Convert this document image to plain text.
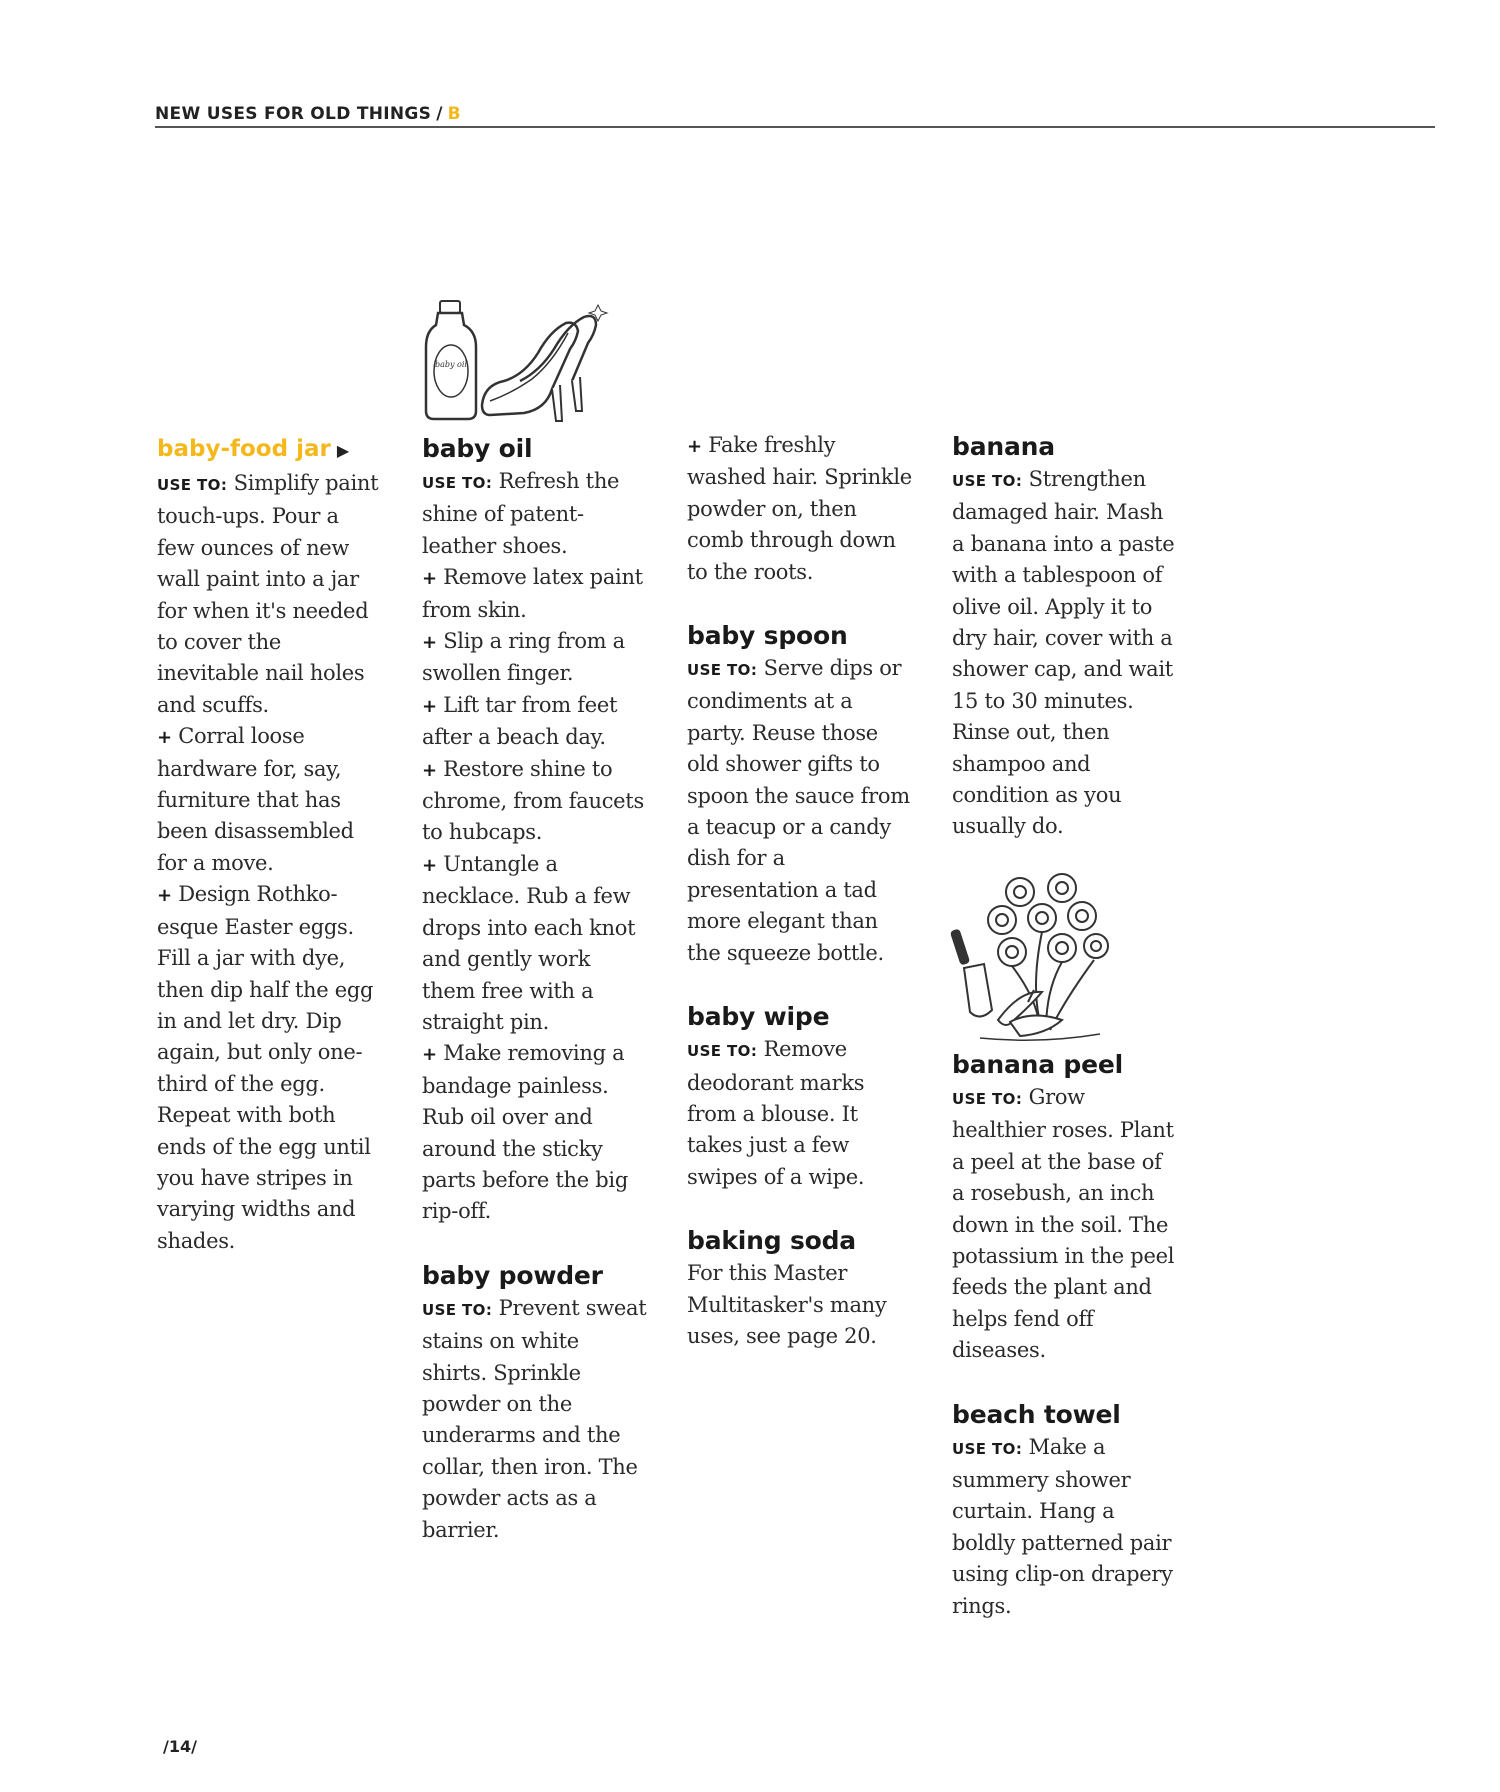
NEW USES FOR OLD THINGS / B
baby oil
baby-food jar ▶

USE TO: Simplify paint touch-ups. Pour a few ounces of new wall paint into a jar for when it's needed to cover the inevitable nail holes and scuffs.

+ Corral loose hardware for, say, furniture that has been disassembled for a move.

+ Design Rothko-esque Easter eggs. Fill a jar with dye, then dip half the egg in and let dry. Dip again, but only one-third of the egg. Repeat with both ends of the egg until you have stripes in varying widths and shades.

baby oil

USE TO: Refresh the shine of patent-leather shoes.

+ Remove latex paint from skin.

+ Slip a ring from a swollen finger.

+ Lift tar from feet after a beach day.

+ Restore shine to chrome, from faucets to hubcaps.

+ Untangle a necklace. Rub a few drops into each knot and gently work them free with a straight pin.

+ Make removing a bandage painless. Rub oil over and around the sticky parts before the big rip-off.

baby powder

USE TO: Prevent sweat stains on white shirts. Sprinkle powder on the underarms and the collar, then iron. The powder acts as a barrier.

+ Fake freshly washed hair. Sprinkle powder on, then comb through down to the roots.

baby spoon

USE TO: Serve dips or condiments at a party. Reuse those old shower gifts to spoon the sauce from a teacup or a candy dish for a presentation a tad more elegant than the squeeze bottle.

baby wipe

USE TO: Remove deodorant marks from a blouse. It takes just a few swipes of a wipe.

baking soda

For this Master Multitasker's many uses, see page 20.

banana

USE TO: Strengthen damaged hair. Mash a banana into a paste with a tablespoon of olive oil. Apply it to dry hair, cover with a shower cap, and wait 15 to 30 minutes. Rinse out, then shampoo and condition as you usually do.

banana peel

USE TO: Grow healthier roses. Plant a peel at the base of a rosebush, an inch down in the soil. The potassium in the peel feeds the plant and helps fend off diseases.

beach towel

USE TO: Make a summery shower curtain. Hang a boldly patterned pair using clip-on drapery rings.

/14/
